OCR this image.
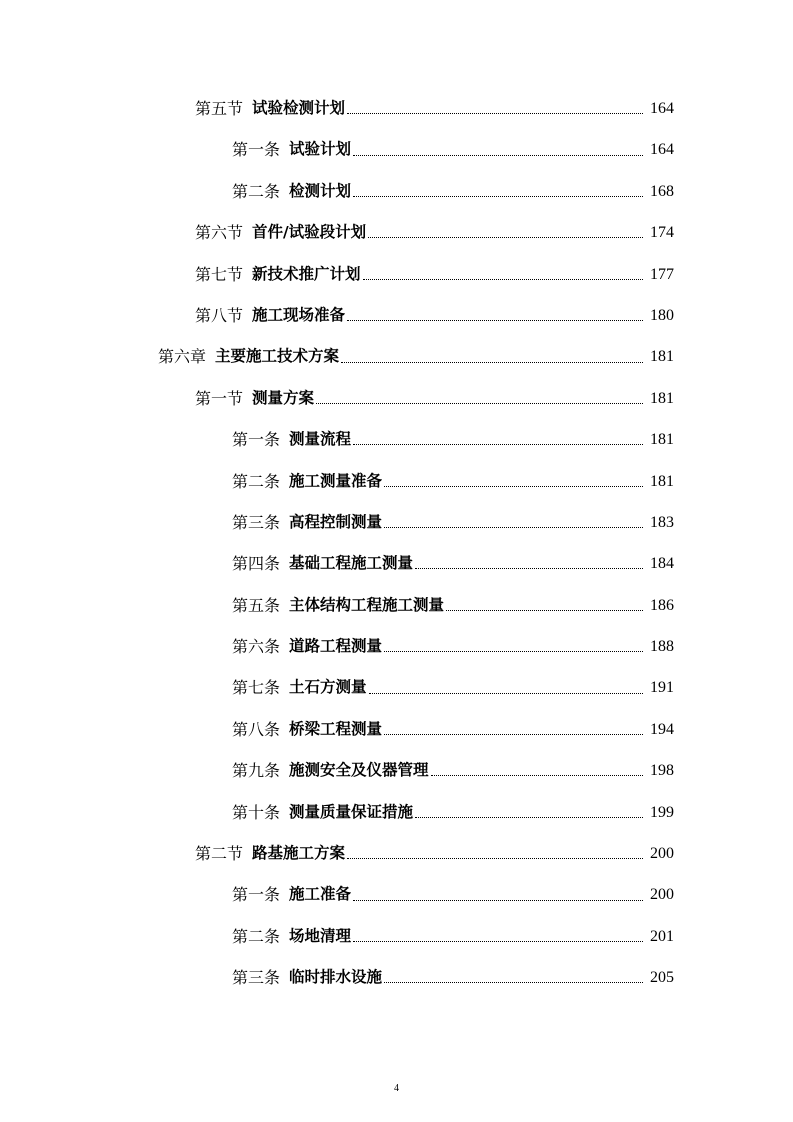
第五节 试验检测计划	164
第一条 试验计划	164
第二条 检测计划	168
第六节 首件/试验段计划	174
第七节 新技术推广计划	177
第八节 施工现场准备	180
第六章 主要施工技术方案	181
第一节 测量方案	181
第一条 测量流程	181
第二条 施工测量准备	181
第三条 高程控制测量	183
第四条 基础工程施工测量	184
第五条 主体结构工程施工测量	186
第六条 道路工程测量	188
第七条 土石方测量	191
第八条 桥梁工程测量	194
第九条 施测安全及仪器管理	198
第十条 测量质量保证措施	199
第二节 路基施工方案	200
第一条 施工准备	200
第二条 场地清理	201
第三条 临时排水设施	205
4
